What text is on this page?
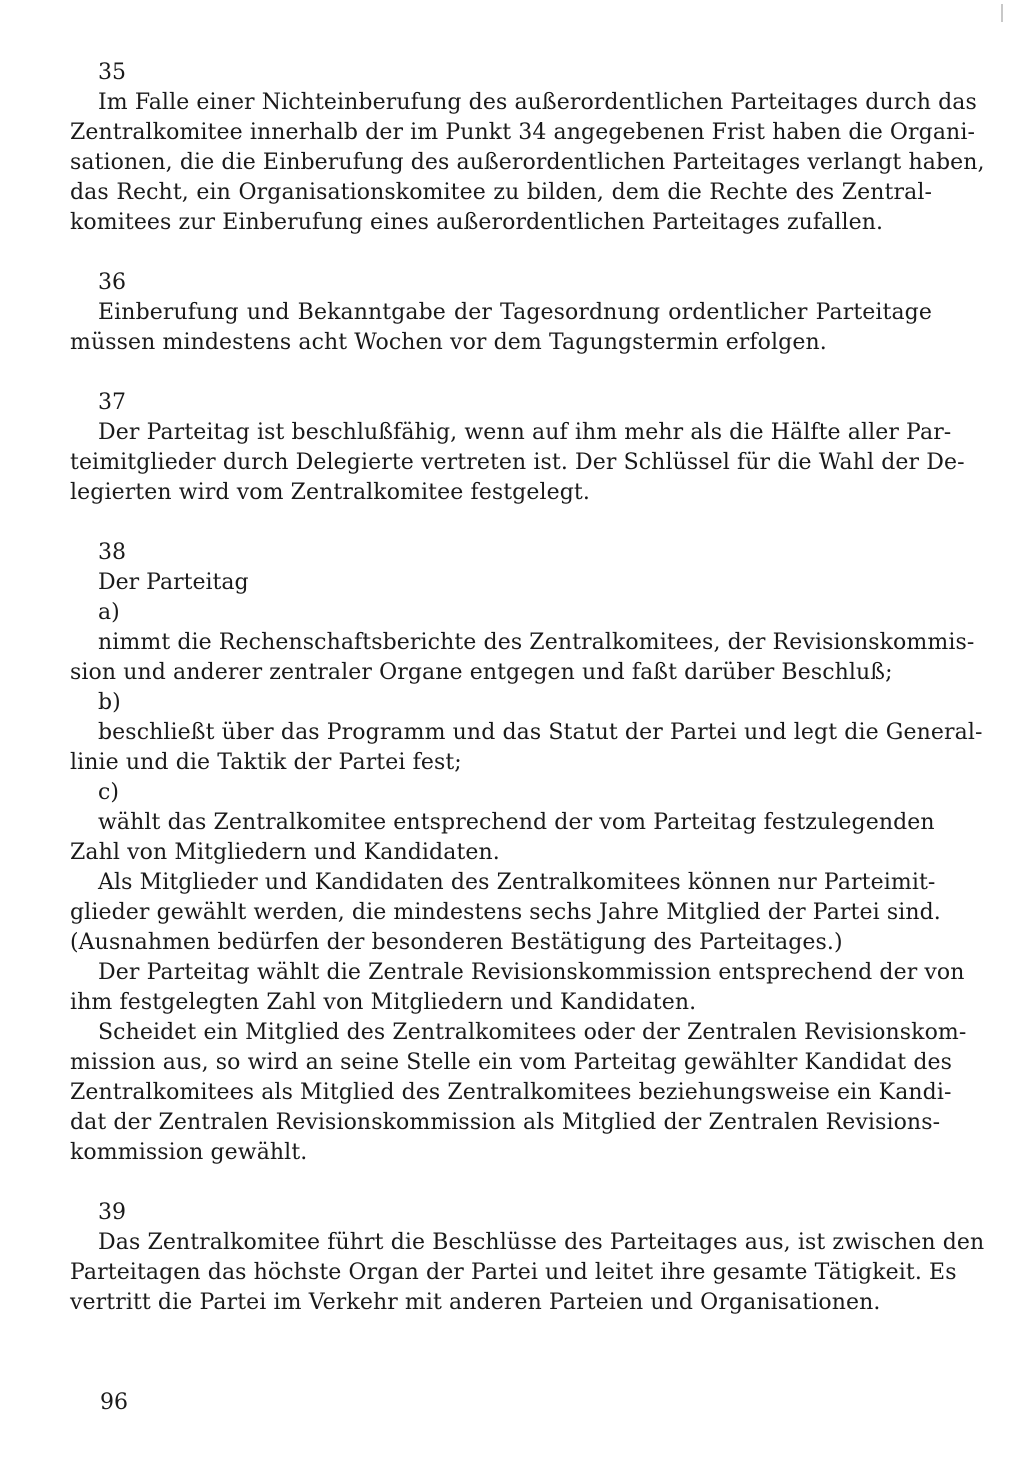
35
Im Falle einer Nichteinberufung des außerordentlichen Parteitages durch das
Zentralkomitee innerhalb der im Punkt 34 angegebenen Frist haben die Organi-
sationen, die die Einberufung des außerordentlichen Parteitages verlangt haben,
das Recht, ein Organisationskomitee zu bilden, dem die Rechte des Zentral-
komitees zur Einberufung eines außerordentlichen Parteitages zufallen.
36
Einberufung und Bekanntgabe der Tagesordnung ordentlicher Parteitage
müssen mindestens acht Wochen vor dem Tagungstermin erfolgen.
37
Der Parteitag ist beschlußfähig, wenn auf ihm mehr als die Hälfte aller Par-
teimitglieder durch Delegierte vertreten ist. Der Schlüssel für die Wahl der De-
legierten wird vom Zentralkomitee festgelegt.
38
Der Parteitag
a)
nimmt die Rechenschaftsberichte des Zentralkomitees, der Revisionskommis-
sion und anderer zentraler Organe entgegen und faßt darüber Beschluß;
b)
beschließt über das Programm und das Statut der Partei und legt die General-
linie und die Taktik der Partei fest;
c)
wählt das Zentralkomitee entsprechend der vom Parteitag festzulegenden
Zahl von Mitgliedern und Kandidaten.
Als Mitglieder und Kandidaten des Zentralkomitees können nur Parteimit-
glieder gewählt werden, die mindestens sechs Jahre Mitglied der Partei sind.
(Ausnahmen bedürfen der besonderen Bestätigung des Parteitages.)
Der Parteitag wählt die Zentrale Revisionskommission entsprechend der von
ihm festgelegten Zahl von Mitgliedern und Kandidaten.
Scheidet ein Mitglied des Zentralkomitees oder der Zentralen Revisionskom-
mission aus, so wird an seine Stelle ein vom Parteitag gewählter Kandidat des
Zentralkomitees als Mitglied des Zentralkomitees beziehungsweise ein Kandi-
dat der Zentralen Revisionskommission als Mitglied der Zentralen Revisions-
kommission gewählt.
39
Das Zentralkomitee führt die Beschlüsse des Parteitages aus, ist zwischen den
Parteitagen das höchste Organ der Partei und leitet ihre gesamte Tätigkeit. Es
vertritt die Partei im Verkehr mit anderen Parteien und Organisationen.
96
